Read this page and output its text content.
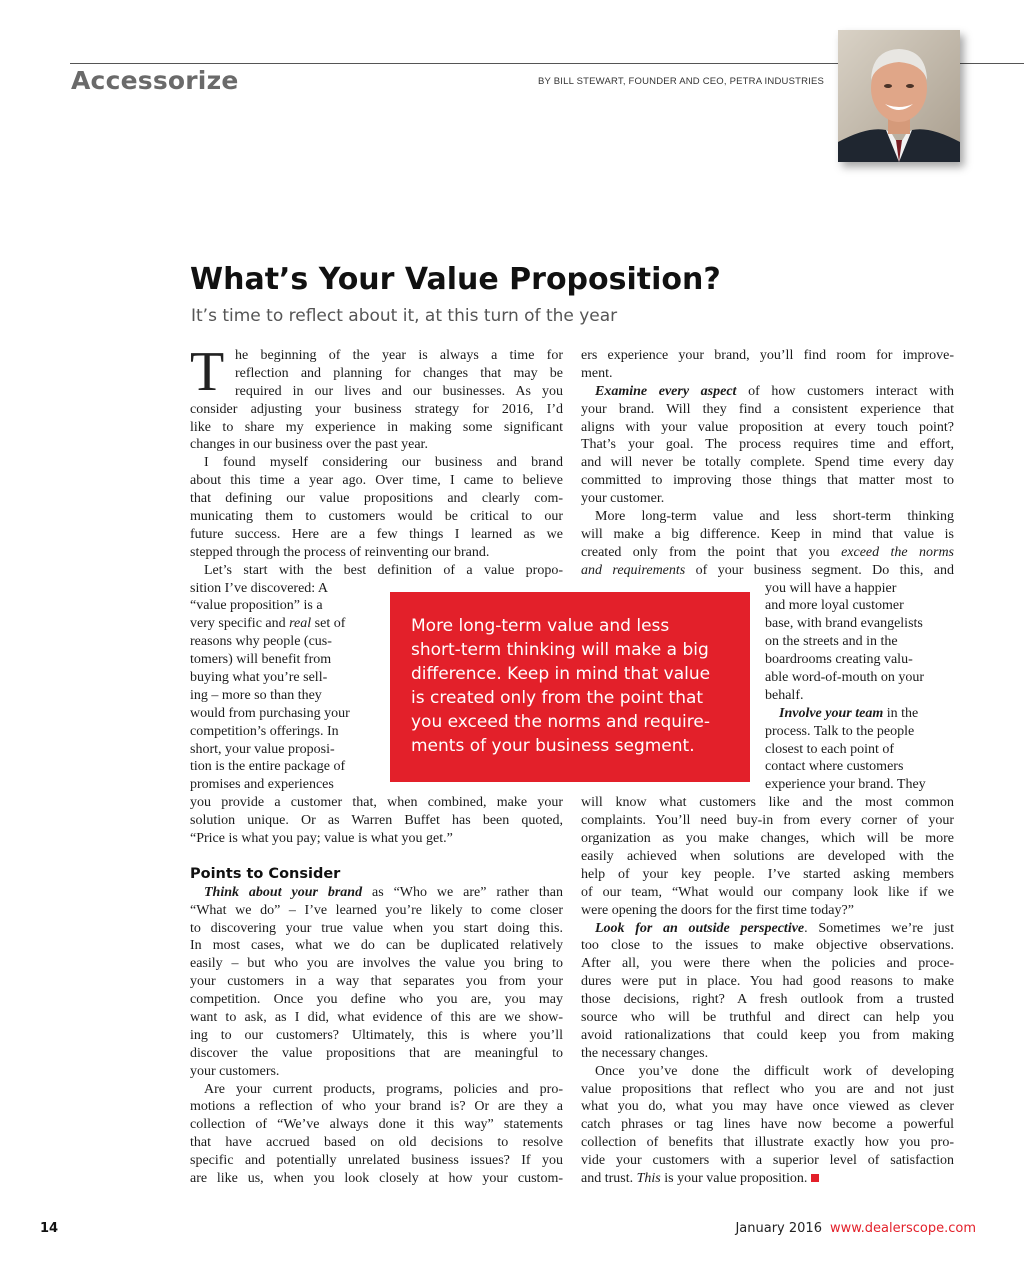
Accessorize	BY BILL STEWART, FOUNDER AND CEO, PETRA INDUSTRIES
What’s Your Value Proposition?
It’s time to reflect about it, at this turn of the year
T he beginning of the year is always a time for
reflection and planning for changes that may be
required in our lives and our businesses. As you
consider adjusting your business strategy for 2016, I’d
like to share my experience in making some significant
changes in our business over the past year.
I found myself considering our business and brand
about this time a year ago. Over time, I came to believe
that defining our value propositions and clearly com-
municating them to customers would be critical to our
future success. Here are a few things I learned as we
stepped through the process of reinventing our brand.
Let’s start with the best definition of a value propo-
sition I’ve discovered: A
“value proposition” is a
very specific and real set of
reasons why people (cus-
tomers) will benefit from
buying what you’re sell-
ing – more so than they
would from purchasing your
competition’s offerings. In
short, your value proposi-
tion is the entire package of
promises and experiences
you provide a customer that, when combined, make your
solution unique. Or as Warren Buffet has been quoted,
“Price is what you pay; value is what you get.”
Points to Consider
Think about your brand as “Who we are” rather than
“What we do” – I’ve learned you’re likely to come closer
to discovering your true value when you start doing this.
In most cases, what we do can be duplicated relatively
easily – but who you are involves the value you bring to
your customers in a way that separates you from your
competition. Once you define who you are, you may
want to ask, as I did, what evidence of this are we show-
ing to our customers? Ultimately, this is where you’ll
discover the value propositions that are meaningful to
your customers.
Are your current products, programs, policies and pro-
motions a reflection of who your brand is? Or are they a
collection of “We’ve always done it this way” statements
that have accrued based on old decisions to resolve
specific and potentially unrelated business issues? If you
are like us, when you look closely at how your custom-
ers experience your brand, you’ll find room for improve-
ment.
Examine every aspect of how customers interact with
your brand. Will they find a consistent experience that
aligns with your value proposition at every touch point?
That’s your goal. The process requires time and effort,
and will never be totally complete. Spend time every day
committed to improving those things that matter most to
your customer.
More long-term value and less short-term thinking
will make a big difference. Keep in mind that value is
created only from the point that you exceed the norms
and requirements of your business segment. Do this, and
you will have a happier
and more loyal customer
base, with brand evangelists
on the streets and in the
boardrooms creating valu-
able word-of-mouth on your
behalf.
Involve your team in the
process. Talk to the people
closest to each point of
contact where customers
experience your brand. They
will know what customers like and the most common
complaints. You’ll need buy-in from every corner of your
organization as you make changes, which will be more
easily achieved when solutions are developed with the
help of your key people. I’ve started asking members
of our team, “What would our company look like if we
were opening the doors for the first time today?”
Look for an outside perspective. Sometimes we’re just
too close to the issues to make objective observations.
After all, you were there when the policies and proce-
dures were put in place. You had good reasons to make
those decisions, right? A fresh outlook from a trusted
source who will be truthful and direct can help you
avoid rationalizations that could keep you from making
the necessary changes.
Once you’ve done the difficult work of developing
value propositions that reflect who you are and not just
what you do, what you may have once viewed as clever
catch phrases or tag lines have now become a powerful
collection of benefits that illustrate exactly how you pro-
vide your customers with a superior level of satisfaction
and trust. This is your value proposition.
More long-term value and less
short-term thinking will make a big
difference. Keep in mind that value
is created only from the point that
you exceed the norms and require-
ments of your business segment.
14	January 2016 www.dealerscope.com
